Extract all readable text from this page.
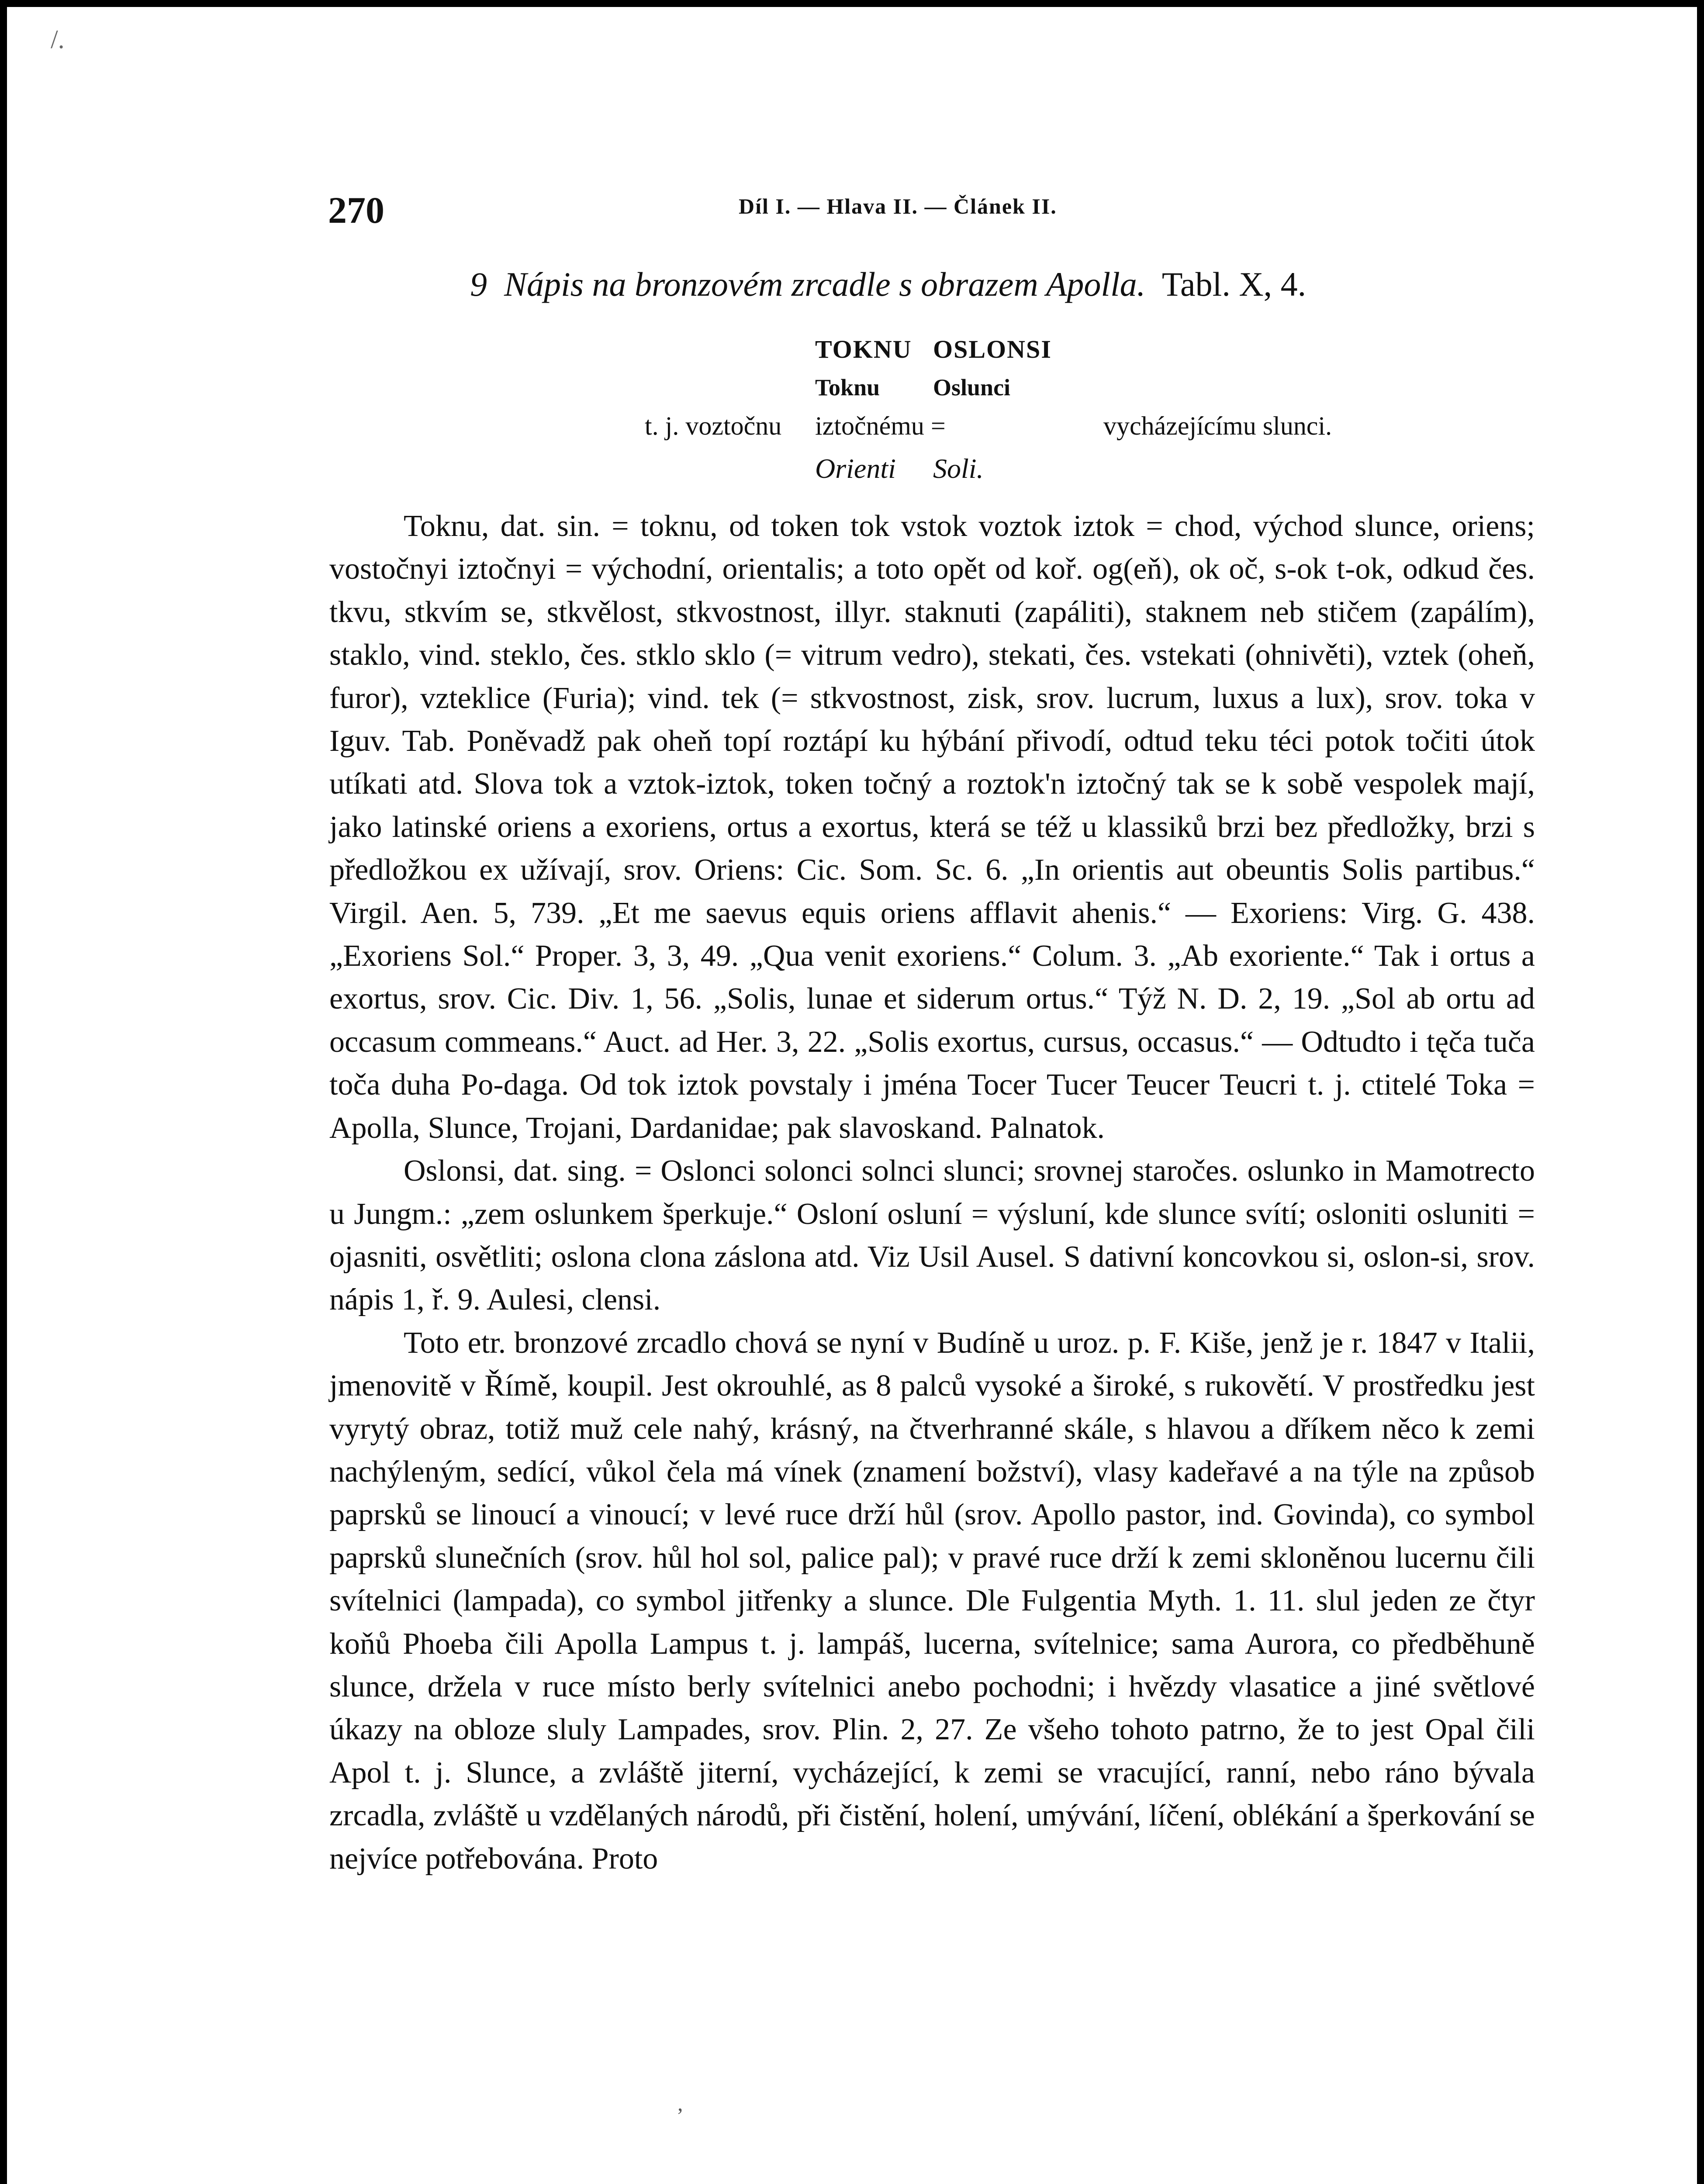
/.
270	Díl I. — Hlava II. — Článek II.
9 Nápis na bronzovém zrcadle s obrazem Apolla. Tabl. X, 4.
TOKNU OSLONSI
Toknu Oslunci
t. j. voztočnu iztočnému =	vycházejícímu slunci.
Orienti Soli.

Toknu, dat. sin. = toknu, od token tok vstok voztok iztok = chod, východ slunce, oriens; vostočnyi iztočnyi = východní, orientalis; a toto opět od koř. og(eň), ok oč, s-ok t-ok, odkud čes. tkvu, stkvím se, stkvělost, stkvostnost, illyr. staknuti (zapáliti), staknem neb stičem (zapálím), staklo, vind. steklo, čes. stklo sklo (= vitrum vedro), stekati, čes. vstekati (ohnivěti), vztek (oheň, furor), vzteklice (Furia); vind. tek (= stkvostnost, zisk, srov. lucrum, luxus a lux), srov. toka v Iguv. Tab. Poněvadž pak oheň topí roztápí ku hýbání přivodí, odtud teku téci potok točiti útok utíkati atd. Slova tok a vztok-iztok, token točný a roztok'n iztočný tak se k sobě vespolek mají, jako latinské oriens a exoriens, ortus a exortus, která se též u klassiků brzi bez předložky, brzi s předložkou ex užívají, srov. Oriens: Cic. Som. Sc. 6. „In orientis aut obeuntis Solis partibus.“ Virgil. Aen. 5, 739. „Et me saevus equis oriens afflavit ahenis.“ — Exoriens: Virg. G. 438. „Exoriens Sol.“ Proper. 3, 3, 49. „Qua venit exoriens.“ Colum. 3. „Ab exoriente.“ Tak i ortus a exortus, srov. Cic. Div. 1, 56. „Solis, lunae et siderum ortus.“ Týž N. D. 2, 19. „Sol ab ortu ad occasum commeans.“ Auct. ad Her. 3, 22. „Solis exortus, cursus, occasus.“ — Odtudto i tęča tuča toča duha Po-daga. Od tok iztok povstaly i jména Tocer Tucer Teucer Teucri t. j. ctitelé Toka = Apolla, Slunce, Trojani, Dardanidae; pak slavoskand. Palnatok.

Oslonsi, dat. sing. = Oslonci solonci solnci slunci; srovnej staročes. oslunko in Mamotrecto u Jungm.: „zem oslunkem šperkuje.“ Osloní osluní = výsluní, kde slunce svítí; osloniti osluniti = ojasniti, osvětliti; oslona clona záslona atd. Viz Usil Ausel. S dativní koncovkou si, oslon-si, srov. nápis 1, ř. 9. Aulesi, clensi.

Toto etr. bronzové zrcadlo chová se nyní v Budíně u uroz. p. F. Kiše, jenž je r. 1847 v Italii, jmenovitě v Římě, koupil. Jest okrouhlé, as 8 palců vysoké a široké, s rukovětí. V prostředku jest vyrytý obraz, totiž muž cele nahý, krásný, na čtverhranné skále, s hlavou a dříkem něco k zemi nachýleným, sedící, vůkol čela má vínek (znamení božství), vlasy kadeřavé a na týle na způsob paprsků se linoucí a vinoucí; v levé ruce drží hůl (srov. Apollo pastor, ind. Govinda), co symbol paprsků slunečních (srov. hůl hol sol, palice pal); v pravé ruce drží k zemi skloněnou lucernu čili svítelnici (lampada), co symbol jitřenky a slunce. Dle Fulgentia Myth. 1. 11. slul jeden ze čtyr koňů Phoeba čili Apolla Lampus t. j. lampáš, lucerna, svítelnice; sama Aurora, co předběhuně slunce, držela v ruce místo berly svítelnici anebo pochodni; i hvězdy vlasatice a jiné světlové úkazy na obloze sluly Lampades, srov. Plin. 2, 27. Ze všeho tohoto patrno, že to jest Opal čili Apol t. j. Slunce, a zvláště jiterní, vycházející, k zemi se vracující, ranní, nebo ráno bývala zrcadla, zvláště u vzdělaných národů, při čistění, holení, umývání, líčení, oblékání a šperkování se nejvíce potřebována. Proto

,
